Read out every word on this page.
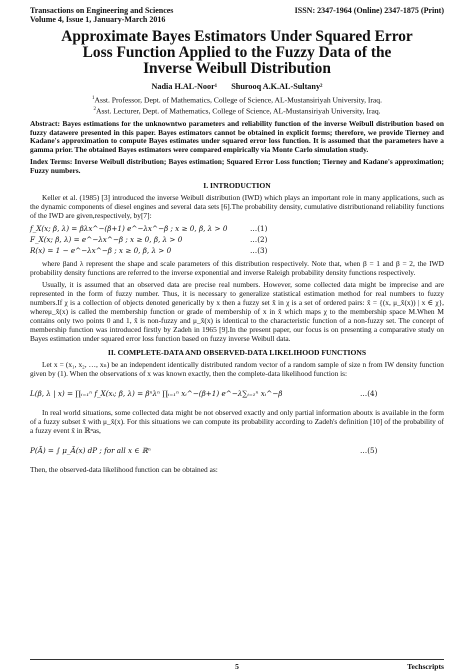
Transactions on Engineering and Sciences
Volume 4, Issue 1, January-March 2016
ISSN: 2347-1964 (Online) 2347-1875 (Print)
Approximate Bayes Estimators Under Squared Error
Loss Function Applied to the Fuzzy Data of the
Inverse Weibull Distribution
Nadia H.AL-Noor¹ Shurooq A.K.AL-Sultany²
$^1$Asst. Professor, Dept. of Mathematics, College of Science, AL-Mustansiriyah University, Iraq.
$^2$Asst. Lecturer, Dept. of Mathematics, College of Science, AL-Mustansiriyah University, Iraq.
Abstract: Bayes estimations for the unknowntwo parameters and reliability function of the inverse Weibull distribution based on fuzzy datawere presented in this paper. Bayes estimators cannot be obtained in explicit forms; therefore, we provide Tierney and Kadane's approximation to compute Bayes estimates under squared error loss function. It is assumed that the parameters have a gamma prior. The obtained Bayes estimators were compared empirically via Monte Carlo simulation study.
Index Terms: Inverse Weibull distribution; Bayes estimation; Squared Error Loss function; Tierney and Kadane's approximation; Fuzzy numbers.
I. INTRODUCTION
Keller et al. (1985) [3] introduced the inverse Weibull distribution (IWD) which plays an important role in many applications, such as the dynamic components of diesel engines and several data sets [6].The probability density, cumulative distributionand reliability functions of the IWD are given,respectively, by[7]:
f_X(x; β, λ) = βλx^−(β+1) e^−λx^−β ; x ≥ 0, β, λ > 0	…(1)
F_X(x; β, λ) = e^−λx^−β ; x ≥ 0, β, λ > 0	…(2)
R(x) = 1 − e^−λx^−β ; x ≥ 0, β, λ > 0	…(3)
where βand λ represent the shape and scale parameters of this distribution respectively. Note that, when β = 1 and β = 2, the IWD probability density functions are referred to the inverse exponential and inverse Raleigh probability density functions respectively.
Usually, it is assumed that an observed data are precise real numbers. However, some collected data might be imprecise and are represented in the form of fuzzy number. Thus, it is necessary to generalize statistical estimation method for real numbers to fuzzy numbers.If χ is a collection of objects denoted generically by x then a fuzzy set x̃ in χ is a set of ordered pairs: x̃ = {(x, μ_x̃(x)) | x ∈ χ}, whereμ_x̃(x) is called the membership function or grade of membership of x in x̃ which maps χ to the membership space M.When M contains only two points 0 and 1, x̃ is non-fuzzy and μ_x̃(x) is identical to the characteristic function of a non-fuzzy set. The concept of membership function was introduced firstly by Zadeh in 1965 [9].In the present paper, our focus is on presenting a comparative study on Bayes estimation under squared error loss function based on fuzzy inverse Weibull data.
II. COMPLETE-DATA AND OBSERVED-DATA LIKELIHOOD FUNCTIONS
Let x = (x₁, x₂, …, xₙ) be an independent identically distributed random vector of a random sample of size n from IW density function given by (1). When the observations of x was known exactly, then the complete-data likelihood function is:
L(β, λ | x) = ∏ᵢ₌₁ⁿ f_X(xᵢ; β, λ) = βⁿλⁿ ∏ᵢ₌₁ⁿ xᵢ^−(β+1) e^−λ∑ᵢ₌₁ⁿ xᵢ^−β	…(4)
In real world situations, some collected data might be not observed exactly and only partial information aboutx is available in the form of a fuzzy subset x̃ with μ_x̃(x). For this situations we can compute its probability according to Zadeh's definition [10] of the probability of a fuzzy event x̃ in ℝⁿas,
P(Ã) = ∫ μ_Ã(x) dP ; for all x ∈ ℝⁿ	…(5)
Then, the observed-data likelihood function can be obtained as:
5	Techscripts
